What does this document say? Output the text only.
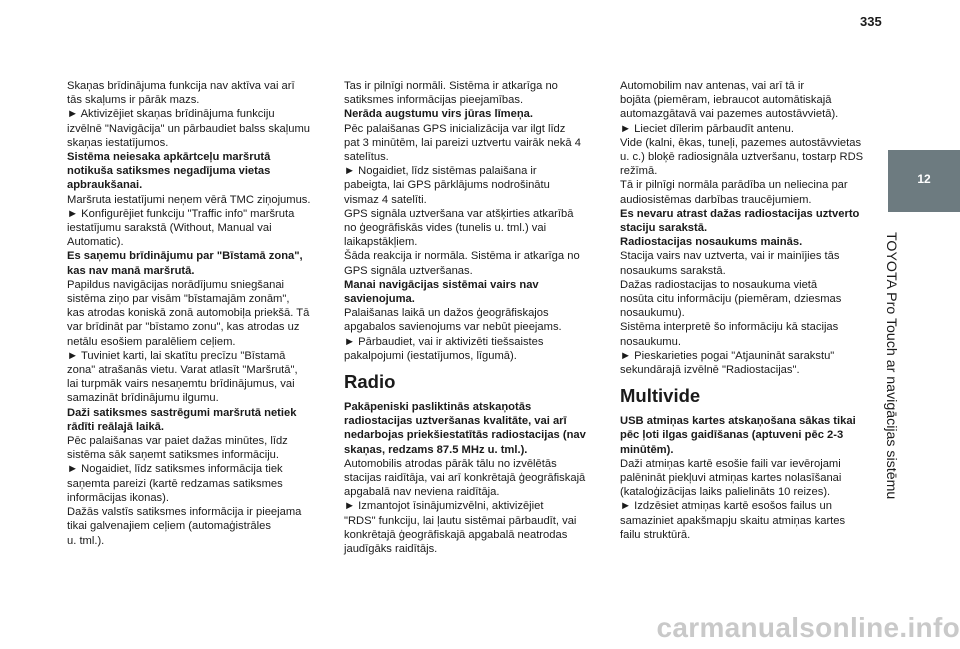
335
12
TOYOTA Pro Touch ar navigācijas sistēmu

Skaņas brīdinājuma funkcija nav aktīva vai arī

tās skaļums ir pārāk mazs.

► Aktivizējiet skaņas brīdinājuma funkciju

izvēlnē "Navigācija" un pārbaudiet balss skaļumu

skaņas iestatījumos.

Sistēma neiesaka apkārtceļu maršrutā

notikuša satiksmes negadījuma vietas

apbraukšanai.

Maršruta iestatījumi neņem vērā TMC ziņojumus.

► Konfigurējiet funkciju "Traffic info" maršruta

iestatījumu sarakstā (Without, Manual vai

Automatic).

Es saņemu brīdinājumu par "Bīstamā zona",

kas nav manā maršrutā.

Papildus navigācijas norādījumu sniegšanai

sistēma ziņo par visām "bīstamajām zonām",

kas atrodas koniskā zonā automobiļa priekšā. Tā

var brīdināt par "bīstamo zonu", kas atrodas uz

netālu esošiem paralēliem ceļiem.

► Tuviniet karti, lai skatītu precīzu "Bīstamā

zona" atrašanās vietu. Varat atlasīt "Maršrutā",

lai turpmāk vairs nesaņemtu brīdinājumus, vai

samazināt brīdinājumu ilgumu.

Daži satiksmes sastrēgumi maršrutā netiek

rādīti reālajā laikā.

Pēc palaišanas var paiet dažas minūtes, līdz

sistēma sāk saņemt satiksmes informāciju.

► Nogaidiet, līdz satiksmes informācija tiek

saņemta pareizi (kartē redzamas satiksmes

informācijas ikonas).

Dažās valstīs satiksmes informācija ir pieejama

tikai galvenajiem ceļiem (automaģistrāles

u. tml.).

Tas ir pilnīgi normāli. Sistēma ir atkarīga no

satiksmes informācijas pieejamības.

Nerāda augstumu virs jūras līmeņa.

Pēc palaišanas GPS inicializācija var ilgt līdz

pat 3 minūtēm, lai pareizi uztvertu vairāk nekā 4

satelītus.

► Nogaidiet, līdz sistēmas palaišana ir

pabeigta, lai GPS pārklājums nodrošinātu

vismaz 4 satelīti.

GPS signāla uztveršana var atšķirties atkarībā

no ģeogrāfiskās vides (tunelis u. tml.) vai

laikapstākļiem.

Šāda reakcija ir normāla. Sistēma ir atkarīga no

GPS signāla uztveršanas.

Manai navigācijas sistēmai vairs nav

savienojuma.

Palaišanas laikā un dažos ģeogrāfiskajos

apgabalos savienojums var nebūt pieejams.

► Pārbaudiet, vai ir aktivizēti tiešsaistes

pakalpojumi (iestatījumos, līgumā).

Radio

Pakāpeniski pasliktinās atskaņotās

radiostacijas uztveršanas kvalitāte, vai arī

nedarbojas priekšiestatītās radiostacijas (nav

skaņas, redzams 87.5 MHz u. tml.).

Automobilis atrodas pārāk tālu no izvēlētās

stacijas raidītāja, vai arī konkrētajā ģeogrāfiskajā

apgabalā nav neviena raidītāja.

► Izmantojot īsinājumizvēlni, aktivizējiet

"RDS" funkciju, lai ļautu sistēmai pārbaudīt, vai

konkrētajā ģeogrāfiskajā apgabalā neatrodas

jaudīgāks raidītājs.

Automobilim nav antenas, vai arī tā ir

bojāta (piemēram, iebraucot automātiskajā

automazgātavā vai pazemes autostāvvietā).

► Lieciet dīlerim pārbaudīt antenu.

Vide (kalni, ēkas, tuneļi, pazemes autostāvvietas

u. c.) bloķē radiosignāla uztveršanu, tostarp RDS

režīmā.

Tā ir pilnīgi normāla parādība un neliecina par

audiosistēmas darbības traucējumiem.

Es nevaru atrast dažas radiostacijas uztverto

staciju sarakstā.

Radiostacijas nosaukums mainās.

Stacija vairs nav uztverta, vai ir mainījies tās

nosaukums sarakstā.

Dažas radiostacijas to nosaukuma vietā

nosūta citu informāciju (piemēram, dziesmas

nosaukumu).

Sistēma interpretē šo informāciju kā stacijas

nosaukumu.

► Pieskarieties pogai "Atjaunināt sarakstu"

sekundārajā izvēlnē "Radiostacijas".

Multivide

USB atmiņas kartes atskaņošana sākas tikai

pēc ļoti ilgas gaidīšanas (aptuveni pēc 2-3

minūtēm).

Daži atmiņas kartē esošie faili var ievērojami

palēnināt piekļuvi atmiņas kartes nolasīšanai

(kataloģizācijas laiks palielināts 10 reizes).

► Izdzēsiet atmiņas kartē esošos failus un

samaziniet apakšmapju skaitu atmiņas kartes

failu struktūrā.

carmanualsonline.info
